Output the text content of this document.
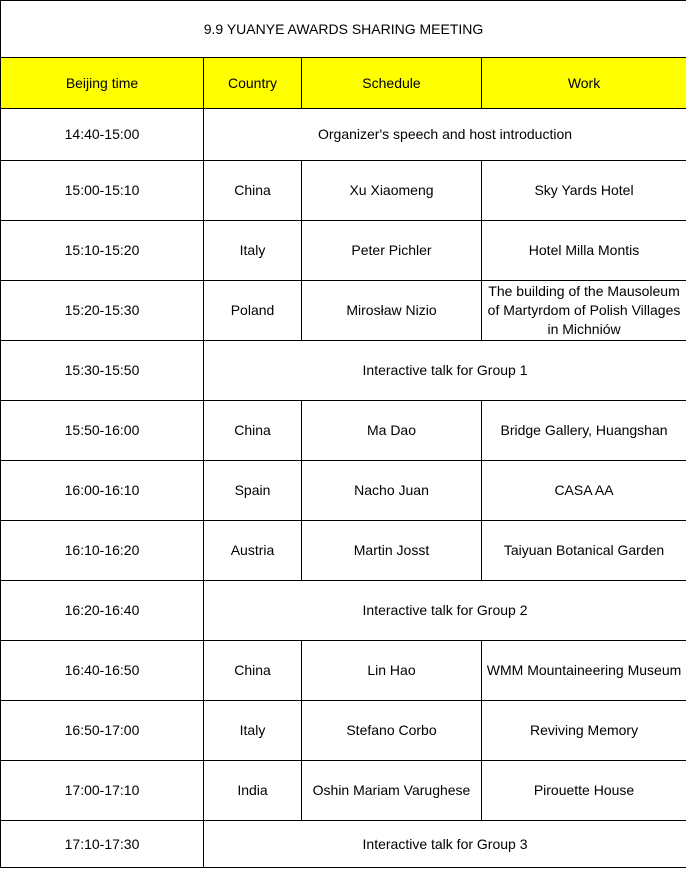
9.9 YUANYE AWARDS SHARING MEETING			
Beijing time	Country	Schedule	Work
14:40-15:00	Organizer's speech and host introduction		
15:00-15:10	China	Xu Xiaomeng	Sky Yards Hotel
15:10-15:20	Italy	Peter Pichler	Hotel Milla Montis
15:20-15:30	Poland	Mirosław Nizio	The building of the Mausoleum of Martyrdom of Polish Villages in Michniów
15:30-15:50	Interactive talk for Group 1		
15:50-16:00	China	Ma Dao	Bridge Gallery, Huangshan
16:00-16:10	Spain	Nacho Juan	CASA AA
16:10-16:20	Austria	Martin Josst	Taiyuan Botanical Garden
16:20-16:40	Interactive talk for Group 2		
16:40-16:50	China	Lin Hao	WMM Mountaineering Museum
16:50-17:00	Italy	Stefano Corbo	Reviving Memory
17:00-17:10	India	Oshin Mariam Varughese	Pirouette House
17:10-17:30	Interactive talk for Group 3		
